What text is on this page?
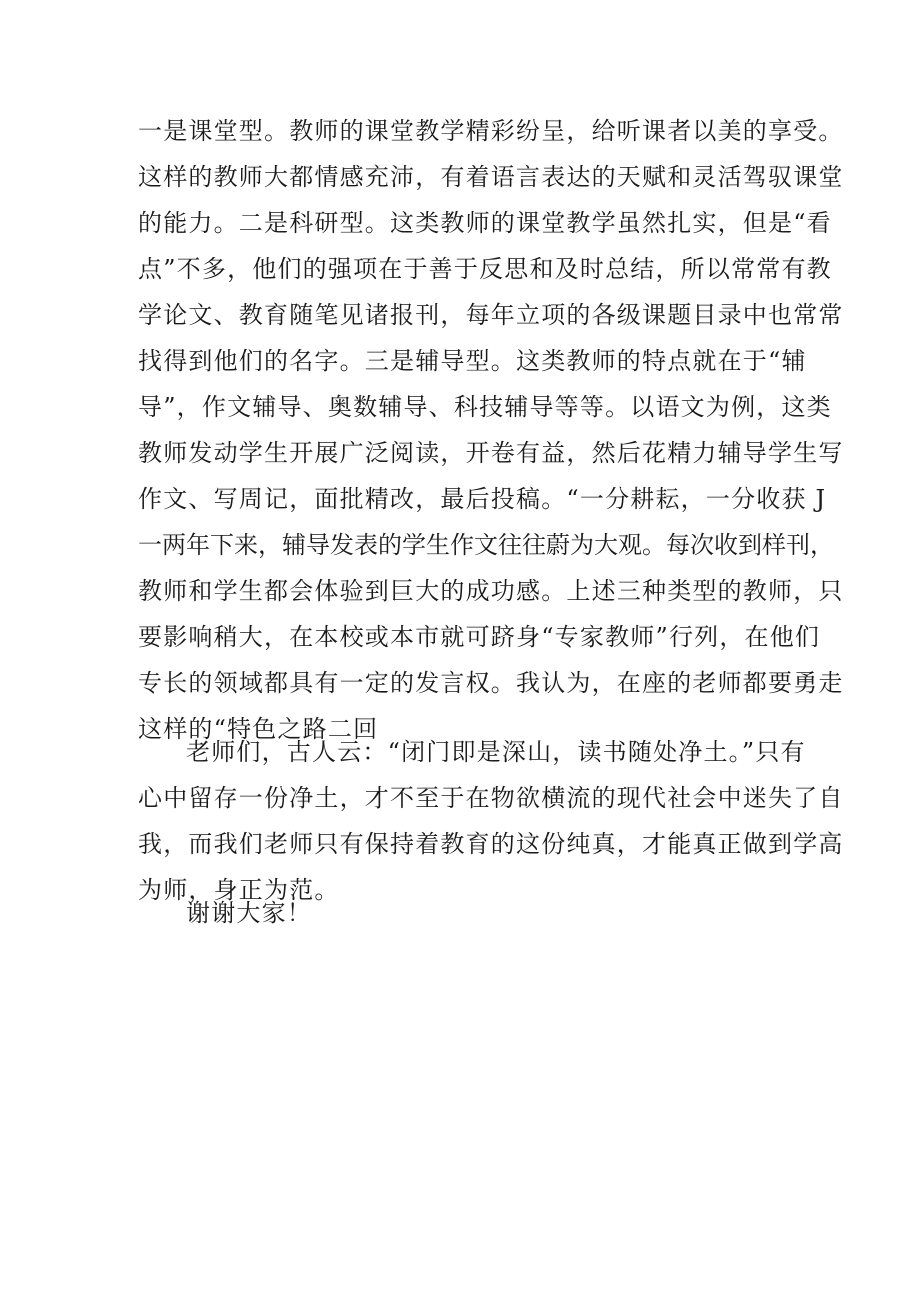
一是课堂型。教师的课堂教学精彩纷呈，给听课者以美的享受。
这样的教师大都情感充沛，有着语言表达的天赋和灵活驾驭课堂
的能力。二是科研型。这类教师的课堂教学虽然扎实，但是“看
点”不多，他们的强项在于善于反思和及时总结，所以常常有教
学论文、教育随笔见诸报刊，每年立项的各级课题目录中也常常
找得到他们的名字。三是辅导型。这类教师的特点就在于“辅
导”，作文辅导、奥数辅导、科技辅导等等。以语文为例，这类
教师发动学生开展广泛阅读，开卷有益，然后花精力辅导学生写
作文、写周记，面批精改，最后投稿。“一分耕耘，一分收获 J
一两年下来，辅导发表的学生作文往往蔚为大观。每次收到样刊，
教师和学生都会体验到巨大的成功感。上述三种类型的教师，只
要影响稍大，在本校或本市就可跻身“专家教师”行列，在他们
专长的领域都具有一定的发言权。我认为，在座的老师都要勇走
这样的“特色之路二回
老师们，古人云：“闭门即是深山，读书随处净土。”只有
心中留存一份净土，才不至于在物欲横流的现代社会中迷失了自
我，而我们老师只有保持着教育的这份纯真，才能真正做到学高
为师，身正为范。
谢谢大家！
